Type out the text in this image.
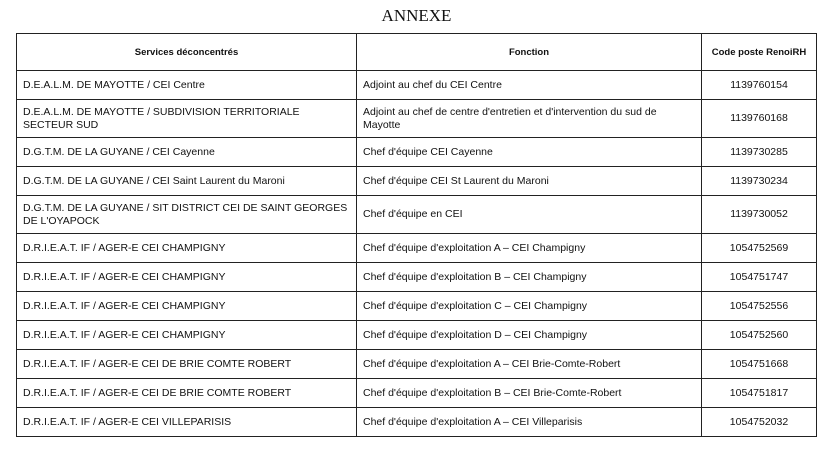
ANNEXE
Services déconcentrés	Fonction	Code poste RenoiRH
D.E.A.L.M. DE MAYOTTE / CEI Centre	Adjoint au chef du CEI Centre	1139760154
D.E.A.L.M. DE MAYOTTE / SUBDIVISION TERRITORIALE SECTEUR SUD	Adjoint au chef de centre d'entretien et d'intervention du sud de Mayotte	1139760168
D.G.T.M. DE LA GUYANE / CEI Cayenne	Chef d'équipe CEI Cayenne	1139730285
D.G.T.M. DE LA GUYANE / CEI Saint Laurent du Maroni	Chef d'équipe CEI St Laurent du Maroni	1139730234
D.G.T.M. DE LA GUYANE / SIT DISTRICT CEI DE SAINT GEORGES DE L'OYAPOCK	Chef d'équipe en CEI	1139730052
D.R.I.E.A.T. IF / AGER-E CEI CHAMPIGNY	Chef d'équipe d'exploitation A – CEI Champigny	1054752569
D.R.I.E.A.T. IF / AGER-E CEI CHAMPIGNY	Chef d'équipe d'exploitation B – CEI Champigny	1054751747
D.R.I.E.A.T. IF / AGER-E CEI CHAMPIGNY	Chef d'équipe d'exploitation C – CEI Champigny	1054752556
D.R.I.E.A.T. IF / AGER-E CEI CHAMPIGNY	Chef d'équipe d'exploitation D – CEI Champigny	1054752560
D.R.I.E.A.T. IF / AGER-E CEI DE BRIE COMTE ROBERT	Chef d'équipe d'exploitation A – CEI Brie-Comte-Robert	1054751668
D.R.I.E.A.T. IF / AGER-E CEI DE BRIE COMTE ROBERT	Chef d'équipe d'exploitation B – CEI Brie-Comte-Robert	1054751817
D.R.I.E.A.T. IF / AGER-E CEI VILLEPARISIS	Chef d'équipe d'exploitation A – CEI Villeparisis	1054752032
